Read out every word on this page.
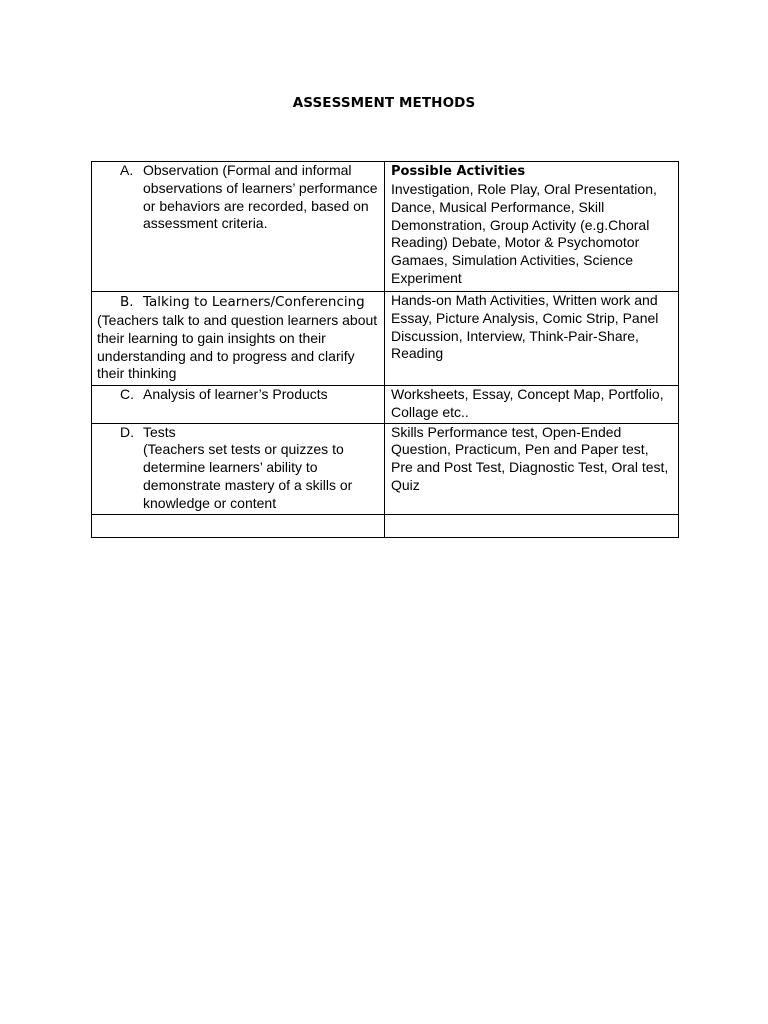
ASSESSMENT METHODS
A. Observation (Formal and informal observations of learners’ performance or behaviors are recorded, based on assessment criteria.	Possible Activities
Investigation, Role Play, Oral Presentation, Dance, Musical Performance, Skill Demonstration, Group Activity (e.g.Choral Reading) Debate, Motor & Psychomotor Gamaes, Simulation Activities, Science Experiment

B. Talking to Learners/Conferencing
(Teachers talk to and question learners about their learning to gain insights on their understanding and to progress and clarify their thinking	Hands-on Math Activities, Written work and Essay, Picture Analysis, Comic Strip, Panel Discussion, Interview, Think-Pair-Share, Reading

C. Analysis of learner’s Products	Worksheets, Essay, Concept Map, Portfolio, Collage etc..

D. Tests
(Teachers set tests or quizzes to determine learners’ ability to demonstrate mastery of a skills or knowledge or content	Skills Performance test, Open-Ended Question, Practicum, Pen and Paper test, Pre and Post Test, Diagnostic Test, Oral test, Quiz
